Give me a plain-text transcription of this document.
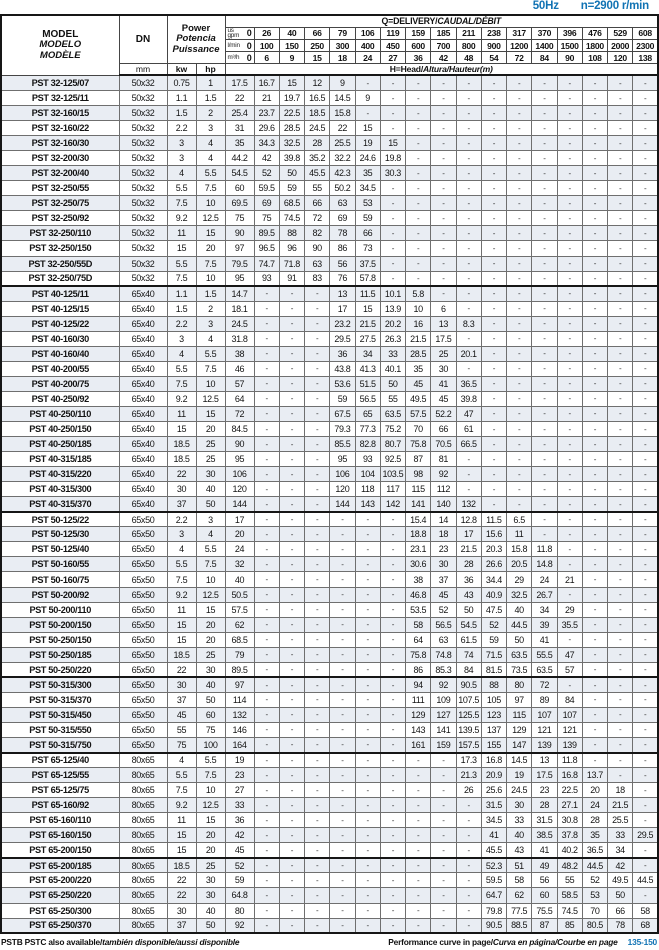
50Hz n=2900 r/min
MODEL
MODELO
MODÈLE
	DN	
Power
Potencia
Puissance
	Q=DELIVERY/CAUDAL/DÉBIT

				us
gpm 0	26	40	66	79	106	119	159	185	211	238	317	370	396	476	529	608

				l/min 0	100	150	250	300	400	450	600	700	800	900	1200	1400	1500	1800	2000	2300

				m³/h 0	6	9	15	18	24	27	36	42	48	54	72	84	90	108	120	138
	mm	kw	hp	H=Head/Altura/Hauteur(m)																
PST 32-125/07	50x32	0.75	1	17.5	16.7	15	12	9	-	-	-	-	-	-	-	-	-	-	-	-
PST 32-125/11	50x32	1.1	1.5	22	21	19.7	16.5	14.5	9	-	-	-	-	-	-	-	-	-	-	-
PST 32-160/15	50x32	1.5	2	25.4	23.7	22.5	18.5	15.8	-	-	-	-	-	-	-	-	-	-	-	-
PST 32-160/22	50x32	2.2	3	31	29.6	28.5	24.5	22	15	-	-	-	-	-	-	-	-	-	-	-
PST 32-160/30	50x32	3	4	35	34.3	32.5	28	25.5	19	15	-	-	-	-	-	-	-	-	-	-
PST 32-200/30	50x32	3	4	44.2	42	39.8	35.2	32.2	24.6	19.8	-	-	-	-	-	-	-	-	-	-
PST 32-200/40	50x32	4	5.5	54.5	52	50	45.5	42.3	35	30.3	-	-	-	-	-	-	-	-	-	-
PST 32-250/55	50x32	5.5	7.5	60	59.5	59	55	50.2	34.5	-	-	-	-	-	-	-	-	-	-	-
PST 32-250/75	50x32	7.5	10	69.5	69	68.5	66	63	53	-	-	-	-	-	-	-	-	-	-	-
PST 32-250/92	50x32	9.2	12.5	75	75	74.5	72	69	59	-	-	-	-	-	-	-	-	-	-	-
PST 32-250/110	50x32	11	15	90	89.5	88	82	78	66	-	-	-	-	-	-	-	-	-	-	-
PST 32-250/150	50x32	15	20	97	96.5	96	90	86	73	-	-	-	-	-	-	-	-	-	-	-
PST 32-250/55D	50x32	5.5	7.5	79.5	74.7	71.8	63	56	37.5	-	-	-	-	-	-	-	-	-	-	-
PST 32-250/75D	50x32	7.5	10	95	93	91	83	76	57.8	-	-	-	-	-	-	-	-	-	-	-
PST 40-125/11	65x40	1.1	1.5	14.7	-	-	-	13	11.5	10.1	5.8	-	-	-	-	-	-	-	-	-
PST 40-125/15	65x40	1.5	2	18.1	-	-	-	17	15	13.9	10	6	-	-	-	-	-	-	-	-
PST 40-125/22	65x40	2.2	3	24.5	-	-	-	23.2	21.5	20.2	16	13	8.3	-	-	-	-	-	-	-
PST 40-160/30	65x40	3	4	31.8	-	-	-	29.5	27.5	26.3	21.5	17.5	-	-	-	-	-	-	-	-
PST 40-160/40	65x40	4	5.5	38	-	-	-	36	34	33	28.5	25	20.1	-	-	-	-	-	-	-
PST 40-200/55	65x40	5.5	7.5	46	-	-	-	43.8	41.3	40.1	35	30	-	-	-	-	-	-	-	-
PST 40-200/75	65x40	7.5	10	57	-	-	-	53.6	51.5	50	45	41	36.5	-	-	-	-	-	-	-
PST 40-250/92	65x40	9.2	12.5	64	-	-	-	59	56.5	55	49.5	45	39.8	-	-	-	-	-	-	-
PST 40-250/110	65x40	11	15	72	-	-	-	67.5	65	63.5	57.5	52.2	47	-	-	-	-	-	-	-
PST 40-250/150	65x40	15	20	84.5	-	-	-	79.3	77.3	75.2	70	66	61	-	-	-	-	-	-	-
PST 40-250/185	65x40	18.5	25	90	-	-	-	85.5	82.8	80.7	75.8	70.5	66.5	-	-	-	-	-	-	-
PST 40-315/185	65x40	18.5	25	95	-	-	-	95	93	92.5	87	81	-	-	-	-	-	-	-	-
PST 40-315/220	65x40	22	30	106	-	-	-	106	104	103.5	98	92	-	-	-	-	-	-	-	-
PST 40-315/300	65x40	30	40	120	-	-	-	120	118	117	115	112	-	-	-	-	-	-	-	-
PST 40-315/370	65x40	37	50	144	-	-	-	144	143	142	141	140	132	-	-	-	-	-	-	-
PST 50-125/22	65x50	2.2	3	17	-	-	-	-	-	-	15.4	14	12.8	11.5	6.5	-	-	-	-	-
PST 50-125/30	65x50	3	4	20	-	-	-	-	-	-	18.8	18	17	15.6	11	-	-	-	-	-
PST 50-125/40	65x50	4	5.5	24	-	-	-	-	-	-	23.1	23	21.5	20.3	15.8	11.8	-	-	-	-
PST 50-160/55	65x50	5.5	7.5	32	-	-	-	-	-	-	30.6	30	28	26.6	20.5	14.8	-	-	-	-
PST 50-160/75	65x50	7.5	10	40	-	-	-	-	-	-	38	37	36	34.4	29	24	21	-	-	-
PST 50-200/92	65x50	9.2	12.5	50.5	-	-	-	-	-	-	46.8	45	43	40.9	32.5	26.7	-	-	-	-
PST 50-200/110	65x50	11	15	57.5	-	-	-	-	-	-	53.5	52	50	47.5	40	34	29	-	-	-
PST 50-200/150	65x50	15	20	62	-	-	-	-	-	-	58	56.5	54.5	52	44.5	39	35.5	-	-	-
PST 50-250/150	65x50	15	20	68.5	-	-	-	-	-	-	64	63	61.5	59	50	41	-	-	-	-
PST 50-250/185	65x50	18.5	25	79	-	-	-	-	-	-	75.8	74.8	74	71.5	63.5	55.5	47	-	-	-
PST 50-250/220	65x50	22	30	89.5	-	-	-	-	-	-	86	85.3	84	81.5	73.5	63.5	57	-	-	-
PST 50-315/300	65x50	30	40	97	-	-	-	-	-	-	94	92	90.5	88	80	72	-	-	-	-
PST 50-315/370	65x50	37	50	114	-	-	-	-	-	-	111	109	107.5	105	97	89	84	-	-	-
PST 50-315/450	65x50	45	60	132	-	-	-	-	-	-	129	127	125.5	123	115	107	107	-	-	-
PST 50-315/550	65x50	55	75	146	-	-	-	-	-	-	143	141	139.5	137	129	121	121	-	-	-
PST 50-315/750	65x50	75	100	164	-	-	-	-	-	-	161	159	157.5	155	147	139	139	-	-	-
PST 65-125/40	80x65	4	5.5	19	-	-	-	-	-	-	-	-	17.3	16.8	14.5	13	11.8	-	-	-
PST 65-125/55	80x65	5.5	7.5	23	-	-	-	-	-	-	-	-	21.3	20.9	19	17.5	16.8	13.7	-	-
PST 65-125/75	80x65	7.5	10	27	-	-	-	-	-	-	-	-	26	25.6	24.5	23	22.5	20	18	-
PST 65-160/92	80x65	9.2	12.5	33	-	-	-	-	-	-	-	-	-	31.5	30	28	27.1	24	21.5	-
PST 65-160/110	80x65	11	15	36	-	-	-	-	-	-	-	-	-	34.5	33	31.5	30.8	28	25.5	-
PST 65-160/150	80x65	15	20	42	-	-	-	-	-	-	-	-	-	41	40	38.5	37.8	35	33	29.5
PST 65-200/150	80x65	15	20	45	-	-	-	-	-	-	-	-	-	45.5	43	41	40.2	36.5	34	-
PST 65-200/185	80x65	18.5	25	52	-	-	-	-	-	-	-	-	-	52.3	51	49	48.2	44.5	42	-
PST 65-200/220	80x65	22	30	59	-	-	-	-	-	-	-	-	-	59.5	58	56	55	52	49.5	44.5
PST 65-250/220	80x65	22	30	64.8	-	-	-	-	-	-	-	-	-	64.7	62	60	58.5	53	50	-
PST 65-250/300	80x65	30	40	80	-	-	-	-	-	-	-	-	-	79.8	77.5	75.5	74.5	70	66	58
PST 65-250/370	80x65	37	50	92	-	-	-	-	-	-	-	-	-	90.5	88.5	87	85	80.5	78	68
PSTB PSTC also available/también disponible/aussi disponible	Performance curve in page/Curva en página/Courbe en page 135-150
